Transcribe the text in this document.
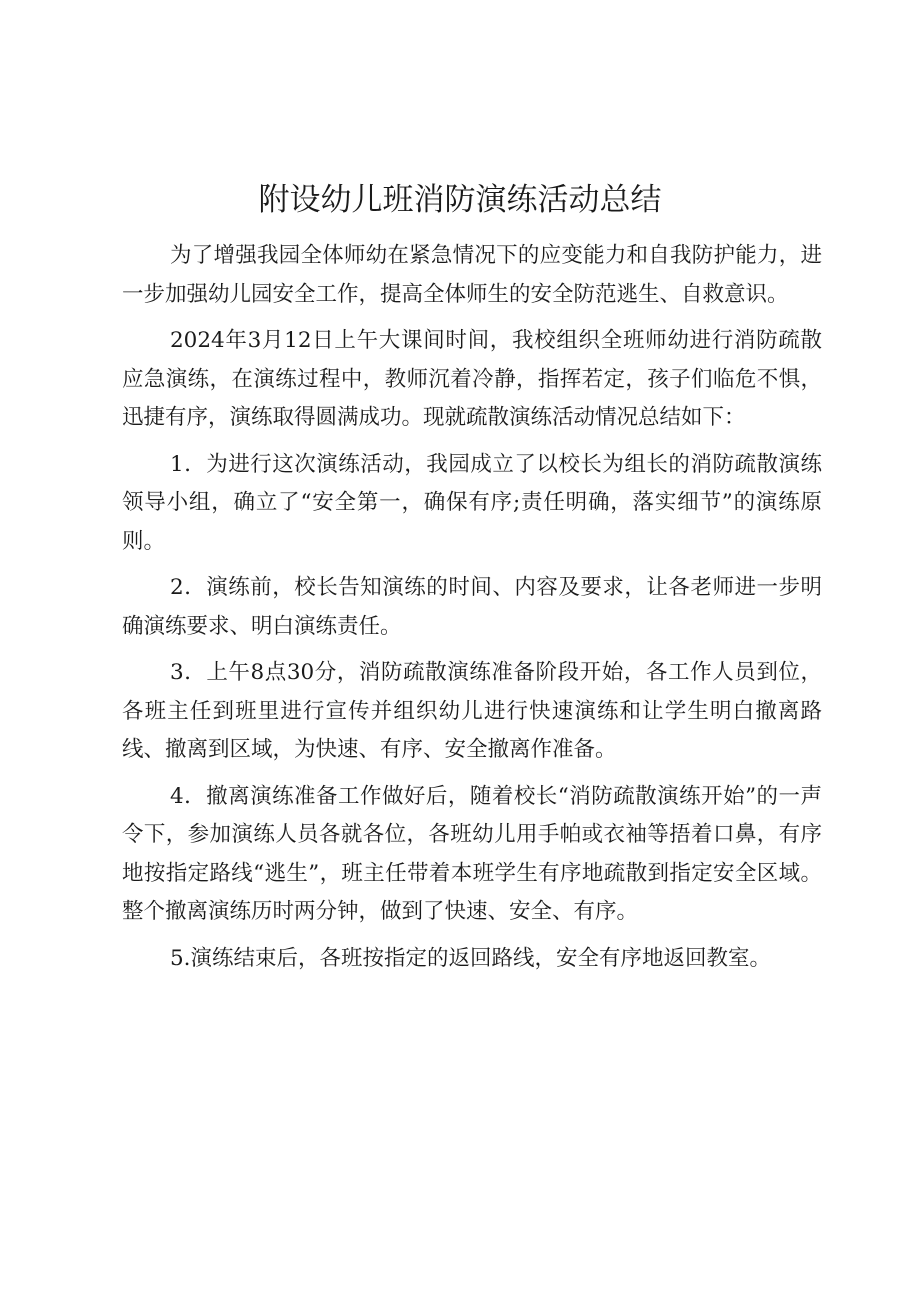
附设幼儿班消防演练活动总结

为了增强我园全体师幼在紧急情况下的应变能力和自我防护能力，进一步加强幼儿园安全工作，提高全体师生的安全防范逃生、自救意识。

2024年3月12日上午大课间时间，我校组织全班师幼进行消防疏散应急演练，在演练过程中，教师沉着冷静，指挥若定，孩子们临危不惧，迅捷有序，演练取得圆满成功。现就疏散演练活动情况总结如下：

1．为进行这次演练活动，我园成立了以校长为组长的消防疏散演练领导小组，确立了“安全第一，确保有序;责任明确，落实细节”的演练原则。

2．演练前，校长告知演练的时间、内容及要求，让各老师进一步明确演练要求、明白演练责任。

3．上午8点30分，消防疏散演练准备阶段开始，各工作人员到位，各班主任到班里进行宣传并组织幼儿进行快速演练和让学生明白撤离路线、撤离到区域，为快速、有序、安全撤离作准备。

4．撤离演练准备工作做好后，随着校长“消防疏散演练开始”的一声令下，参加演练人员各就各位，各班幼儿用手帕或衣袖等捂着口鼻，有序地按指定路线“逃生”，班主任带着本班学生有序地疏散到指定安全区域。整个撤离演练历时两分钟，做到了快速、安全、有序。

5.演练结束后，各班按指定的返回路线，安全有序地返回教室。
